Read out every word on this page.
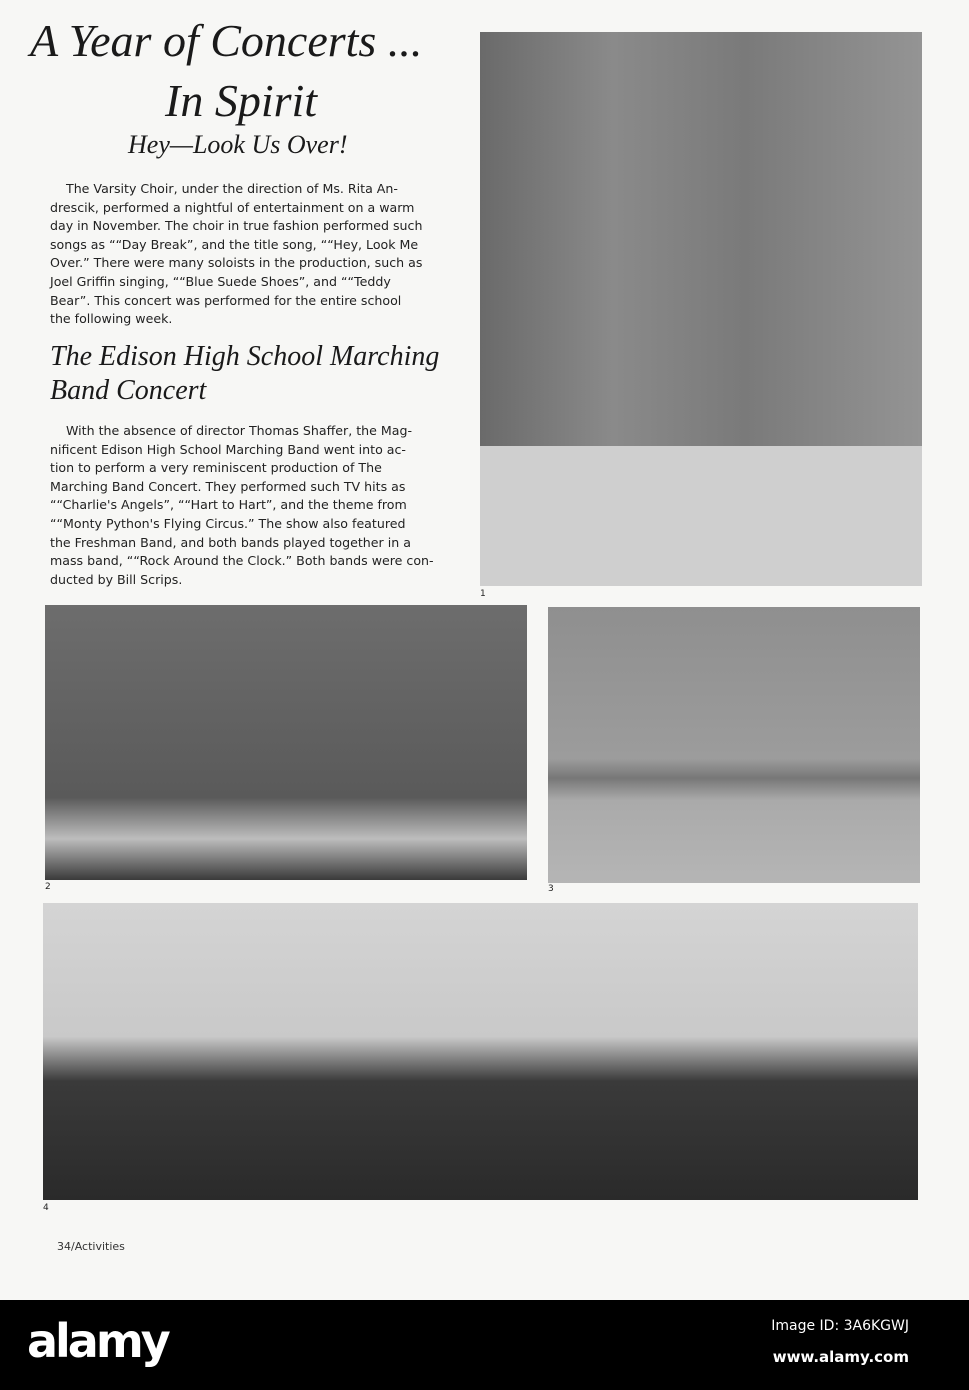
A Year of Concerts ...
In Spirit
Hey—Look Us Over!
The Varsity Choir, under the direction of Ms. Rita An-
drescik, performed a nightful of entertainment on a warm
day in November. The choir in true fashion performed such
songs as ““Day Break”, and the title song, ““Hey, Look Me
Over.” There were many soloists in the production, such as
Joel Griffin singing, ““Blue Suede Shoes”, and ““Teddy
Bear”. This concert was performed for the entire school
the following week.
The Edison High School Marching Band Concert
With the absence of director Thomas Shaffer, the Mag-
nificent Edison High School Marching Band went into ac-
tion to perform a very reminiscent production of The
Marching Band Concert. They performed such TV hits as
““Charlie's Angels”, ““Hart to Hart”, and the theme from
““Monty Python's Flying Circus.” The show also featured
the Freshman Band, and both bands played together in a
mass band, ““Rock Around the Clock.” Both bands were con-
ducted by Bill Scrips.
1
2	3
4
34/Activities
alamy	Image ID: 3A6KGWJ
www.alamy.com
